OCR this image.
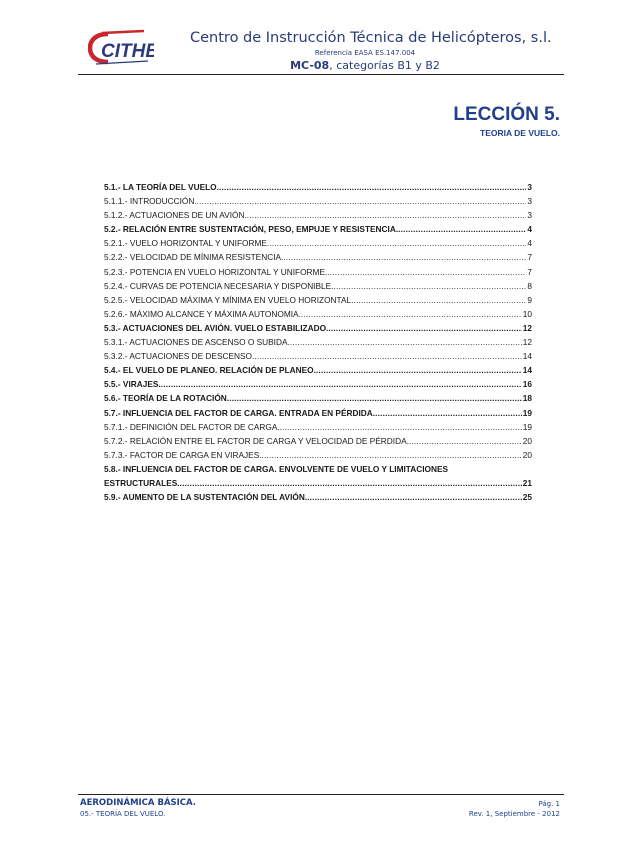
CITHE
Centro de Instrucción Técnica de Helicópteros, s.l.
Referencia EASA ES.147.004
MC-08, categorías B1 y B2
LECCIÓN 5.
TEORIA DE VUELO.
5.1.- LA TEORÍA DEL VUELO. .....	3
5.1.1.- INTRODUCCIÓN. .....	3
5.1.2.- ACTUACIONES DE UN AVIÓN. .....	3
5.2.- RELACIÓN ENTRE SUSTENTACIÓN, PESO, EMPUJE Y RESISTENCIA. .....	4
5.2.1.- VUELO HORIZONTAL Y UNIFORME. .....	4
5.2.2.- VELOCIDAD DE MÍNIMA RESISTENCIA. .....	7
5.2.3.- POTENCIA EN VUELO HORIZONTAL Y UNIFORME. .....	7
5.2.4.- CURVAS DE POTENCIA NECESARIA Y DISPONIBLE. .....	8
5.2.5.- VELOCIDAD MÁXIMA Y MÍNIMA EN VUELO HORIZONTAL. .....	9
5.2.6.- MÁXIMO ALCANCE Y MÁXIMA AUTONOMIA. .....	10
5.3.- ACTUACIONES DEL AVIÓN. VUELO ESTABILIZADO. .....	12
5.3.1.- ACTUACIONES DE ASCENSO O SUBIDA. .....	12
5.3.2.- ACTUACIONES DE DESCENSO. .....	14
5.4.- EL VUELO DE PLANEO. RELACIÓN DE PLANEO. .....	14
5.5.- VIRAJES. .....	16
5.6.- TEORÍA DE LA ROTACIÓN. .....	18
5.7.- INFLUENCIA DEL FACTOR DE CARGA. ENTRADA EN PÉRDIDA. .....	19
5.7.1.- DEFINICIÓN DEL FACTOR DE CARGA. .....	19
5.7.2.- RELACIÓN ENTRE EL FACTOR DE CARGA Y VELOCIDAD DE PÉRDIDA. .....	20
5.7.3.- FACTOR DE CARGA EN VIRAJES. .....	20
5.8.- INFLUENCIA DEL FACTOR DE CARGA. ENVOLVENTE DE VUELO Y LIMITACIONES
ESTRUCTURALES. .....	21
5.9.- AUMENTO DE LA SUSTENTACIÓN DEL AVIÓN. .....	25
AERODINÁMICA BÁSICA.
05.- TEORÍA DEL VUELO.
Pág. 1
Rev. 1, Septiembre - 2012
